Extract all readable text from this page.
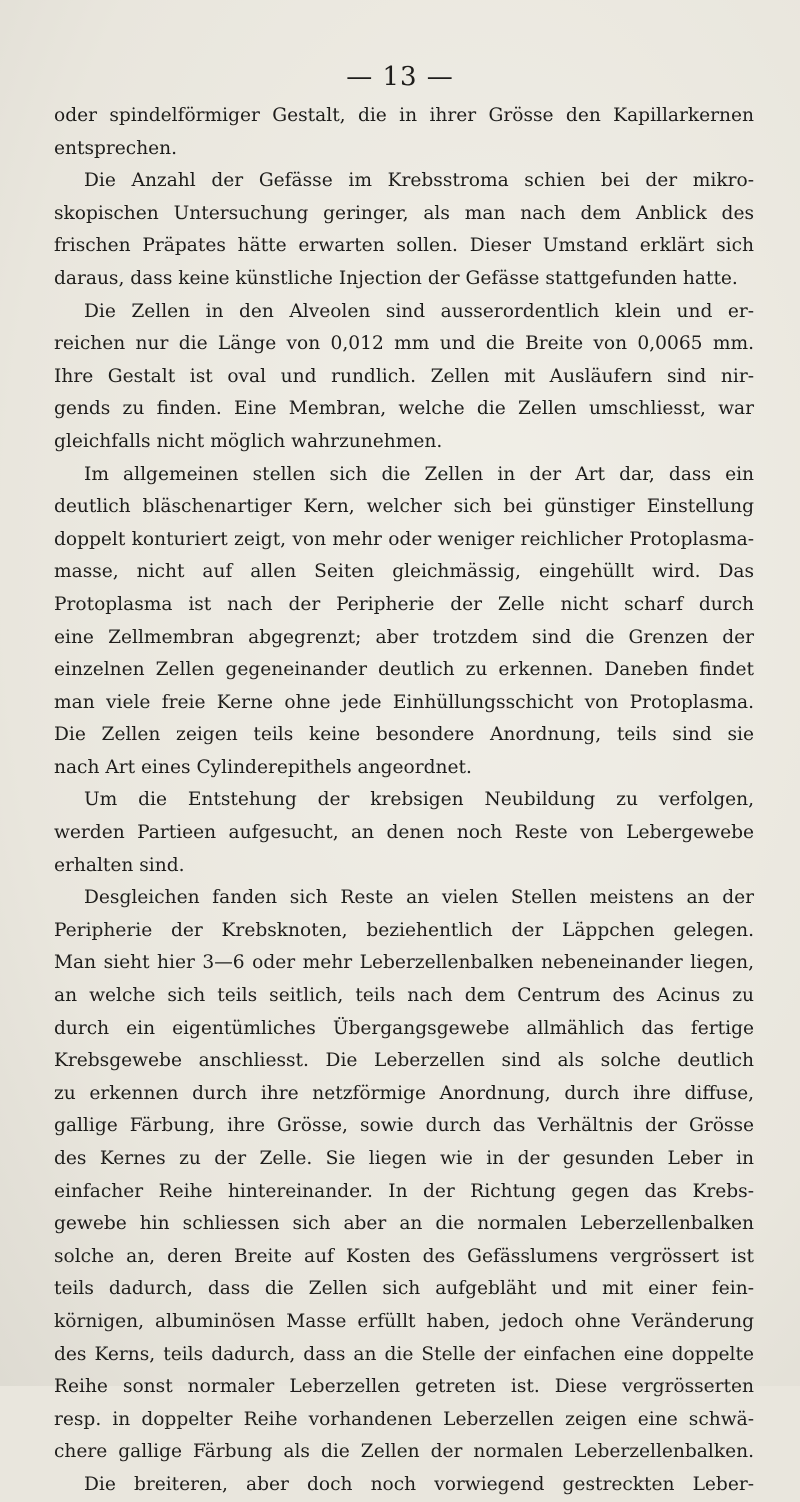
— 13 —
oder spindelförmiger Gestalt, die in ihrer Grösse den Kapillarkernen
entsprechen.
Die Anzahl der Gefässe im Krebsstroma schien bei der mikro-
skopischen Untersuchung geringer, als man nach dem Anblick des
frischen Präpates hätte erwarten sollen. Dieser Umstand erklärt sich
daraus, dass keine künstliche Injection der Gefässe stattgefunden hatte.
Die Zellen in den Alveolen sind ausserordentlich klein und er-
reichen nur die Länge von 0,012 mm und die Breite von 0,0065 mm.
Ihre Gestalt ist oval und rundlich. Zellen mit Ausläufern sind nir-
gends zu finden. Eine Membran, welche die Zellen umschliesst, war
gleichfalls nicht möglich wahrzunehmen.
Im allgemeinen stellen sich die Zellen in der Art dar, dass ein
deutlich bläschenartiger Kern, welcher sich bei günstiger Einstellung
doppelt konturiert zeigt, von mehr oder weniger reichlicher Protoplasma-
masse, nicht auf allen Seiten gleichmässig, eingehüllt wird. Das
Protoplasma ist nach der Peripherie der Zelle nicht scharf durch
eine Zellmembran abgegrenzt; aber trotzdem sind die Grenzen der
einzelnen Zellen gegeneinander deutlich zu erkennen. Daneben findet
man viele freie Kerne ohne jede Einhüllungsschicht von Protoplasma.
Die Zellen zeigen teils keine besondere Anordnung, teils sind sie
nach Art eines Cylinderepithels angeordnet.
Um die Entstehung der krebsigen Neubildung zu verfolgen,
werden Partieen aufgesucht, an denen noch Reste von Lebergewebe
erhalten sind.
Desgleichen fanden sich Reste an vielen Stellen meistens an der
Peripherie der Krebsknoten, beziehentlich der Läppchen gelegen.
Man sieht hier 3—6 oder mehr Leberzellenbalken nebeneinander liegen,
an welche sich teils seitlich, teils nach dem Centrum des Acinus zu
durch ein eigentümliches Übergangsgewebe allmählich das fertige
Krebsgewebe anschliesst. Die Leberzellen sind als solche deutlich
zu erkennen durch ihre netzförmige Anordnung, durch ihre diffuse,
gallige Färbung, ihre Grösse, sowie durch das Verhältnis der Grösse
des Kernes zu der Zelle. Sie liegen wie in der gesunden Leber in
einfacher Reihe hintereinander. In der Richtung gegen das Krebs-
gewebe hin schliessen sich aber an die normalen Leberzellenbalken
solche an, deren Breite auf Kosten des Gefässlumens vergrössert ist
teils dadurch, dass die Zellen sich aufgebläht und mit einer fein-
körnigen, albuminösen Masse erfüllt haben, jedoch ohne Veränderung
des Kerns, teils dadurch, dass an die Stelle der einfachen eine doppelte
Reihe sonst normaler Leberzellen getreten ist. Diese vergrösserten
resp. in doppelter Reihe vorhandenen Leberzellen zeigen eine schwä-
chere gallige Färbung als die Zellen der normalen Leberzellenbalken.
Die breiteren, aber doch noch vorwiegend gestreckten Leber-
